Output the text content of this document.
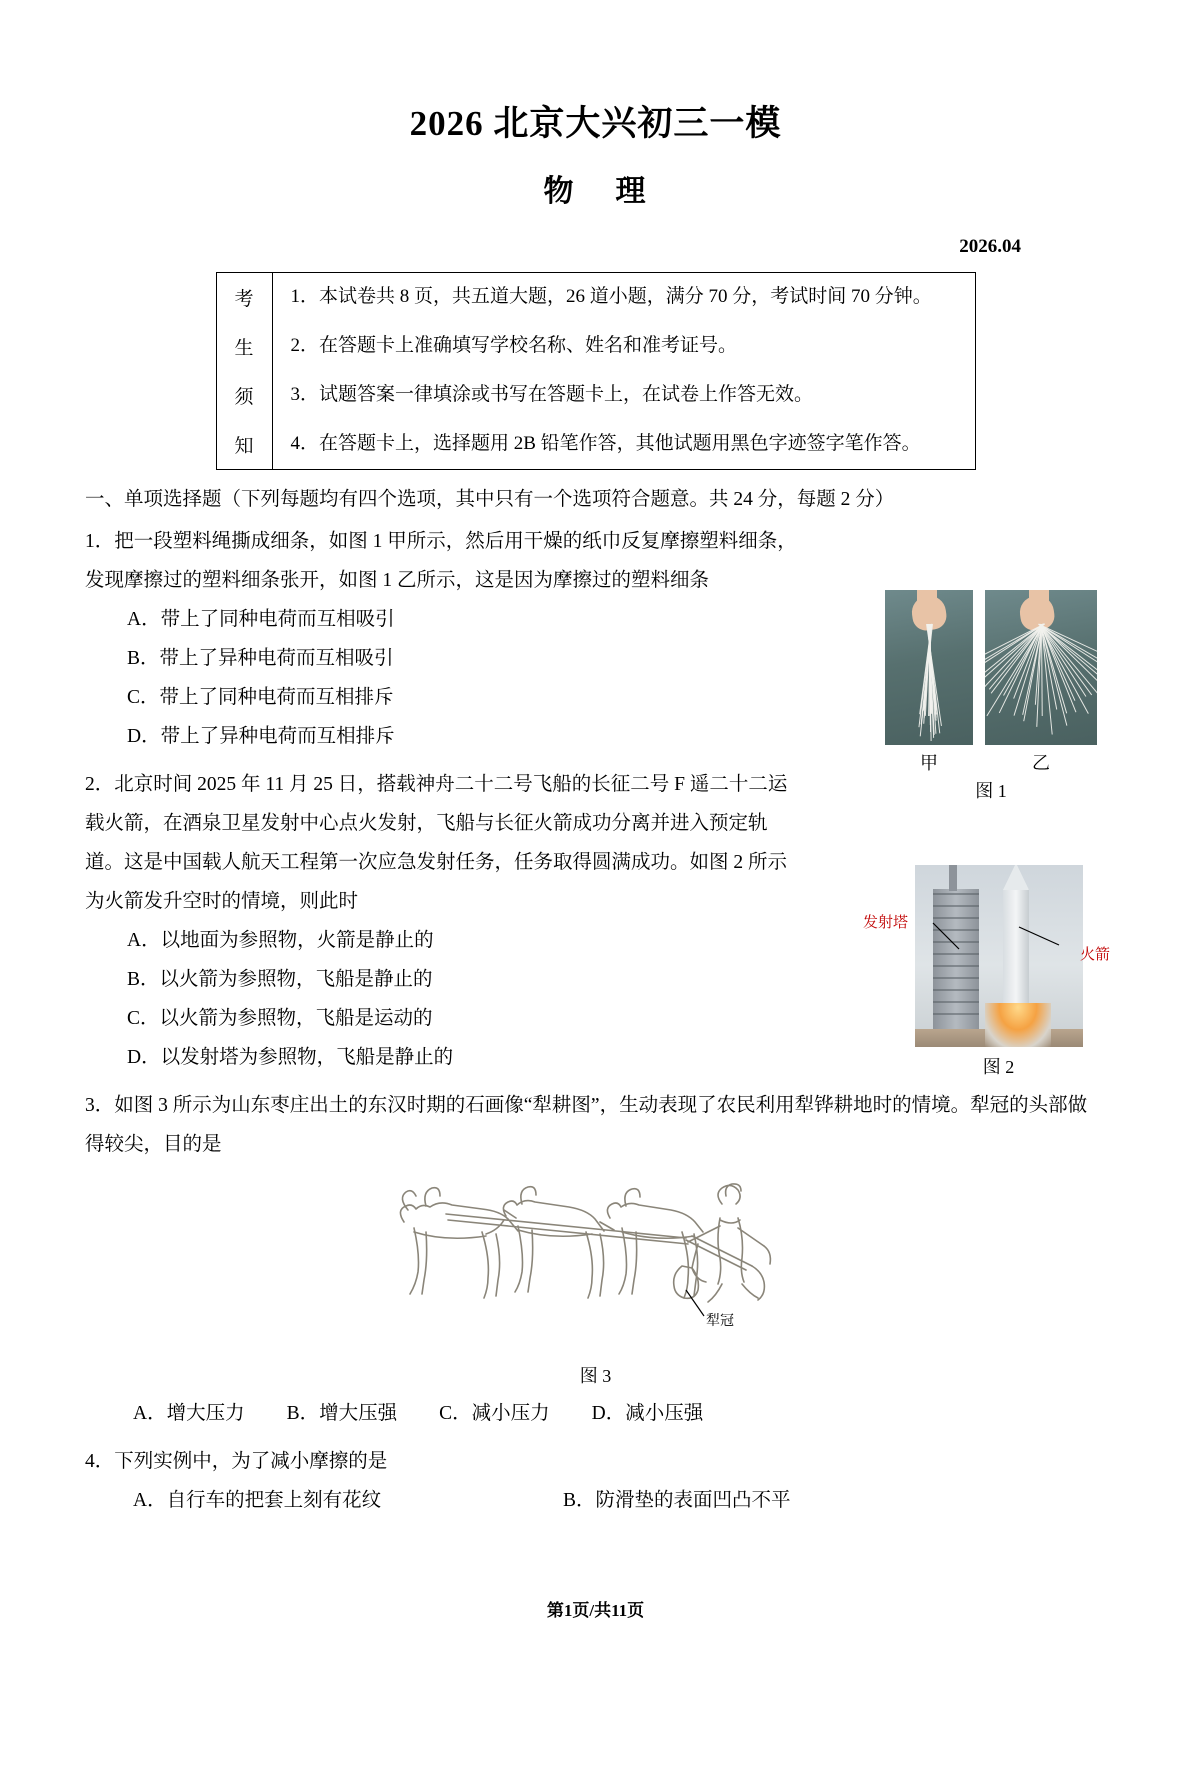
2026 北京大兴初三一模
物 理
2026.04
考	1．本试卷共 8 页，共五道大题，26 道小题，满分 70 分，考试时间 70 分钟。
生	2．在答题卡上准确填写学校名称、姓名和准考证号。
须	3．试题答案一律填涂或书写在答题卡上，在试卷上作答无效。
知	4．在答题卡上，选择题用 2B 铅笔作答，其他试题用黑色字迹签字笔作答。
一、单项选择题（下列每题均有四个选项，其中只有一个选项符合题意。共 24 分，每题 2 分）
1．把一段塑料绳撕成细条，如图 1 甲所示，然后用干燥的纸巾反复摩擦塑料细条，发现摩擦过的塑料细条张开，如图 1 乙所示，这是因为摩擦过的塑料细条
A．带上了同种电荷而互相吸引
B．带上了异种电荷而互相吸引
C．带上了同种电荷而互相排斥
D．带上了异种电荷而互相排斥
2．北京时间 2025 年 11 月 25 日，搭载神舟二十二号飞船的长征二号 F 遥二十二运载火箭，在酒泉卫星发射中心点火发射，飞船与长征火箭成功分离并进入预定轨道。这是中国载人航天工程第一次应急发射任务，任务取得圆满成功。如图 2 所示为火箭发升空时的情境，则此时
A．以地面为参照物，火箭是静止的
B．以火箭为参照物，飞船是静止的
C．以火箭为参照物，飞船是运动的
D．以发射塔为参照物，飞船是静止的
3．如图 3 所示为山东枣庄出土的东汉时期的石画像“犁耕图”，生动表现了农民利用犁铧耕地时的情境。犁冠的头部做得较尖，目的是
犁冠
图 3
A．增大压力 B．增大压强 C．减小压力 D．减小压强
4．下列实例中，为了减小摩擦的是
A．自行车的把套上刻有花纹	B．防滑垫的表面凹凸不平
甲	乙
图 1
发射塔
火箭
图 2
第1页/共11页
